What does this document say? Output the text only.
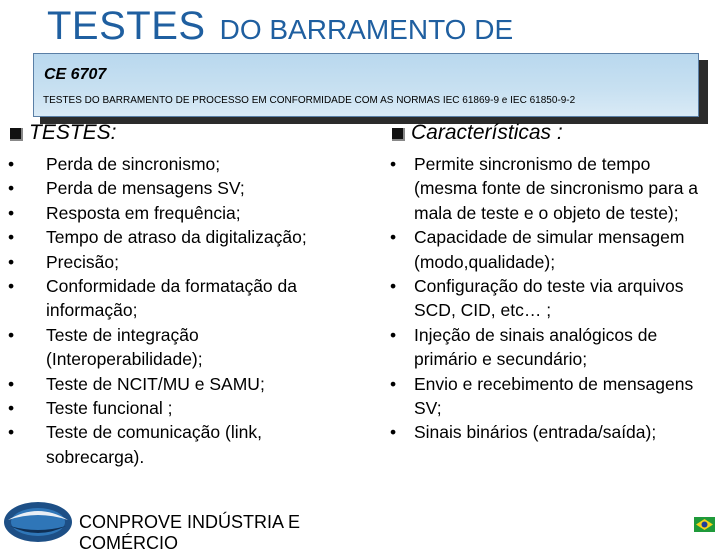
TESTES DO BARRAMENTO DE
CE 6707
TESTES DO BARRAMENTO DE PROCESSO EM CONFORMIDADE COM AS NORMAS IEC 61869-9 e IEC 61850-9-2
TESTES:	Características :
• Perda de sincronismo;
• Perda de mensagens SV;
• Resposta em frequência;
• Tempo de atraso da digitalização;
• Precisão;
• Conformidade da formatação da informação;
• Teste de integração (Interoperabilidade);
• Teste de NCIT/MU e SAMU;
• Teste funcional ;
• Teste de comunicação (link, sobrecarga).
• Permite sincronismo de tempo (mesma fonte de sincronismo para a mala de teste e o objeto de teste);
• Capacidade de simular mensagem (modo,qualidade);
• Configuração do teste via arquivos SCD, CID, etc… ;
• Injeção de sinais analógicos de primário e secundário;
• Envio e recebimento de mensagens SV;
• Sinais binários (entrada/saída);
CONPROVE INDÚSTRIA E
COMÉRCIO
